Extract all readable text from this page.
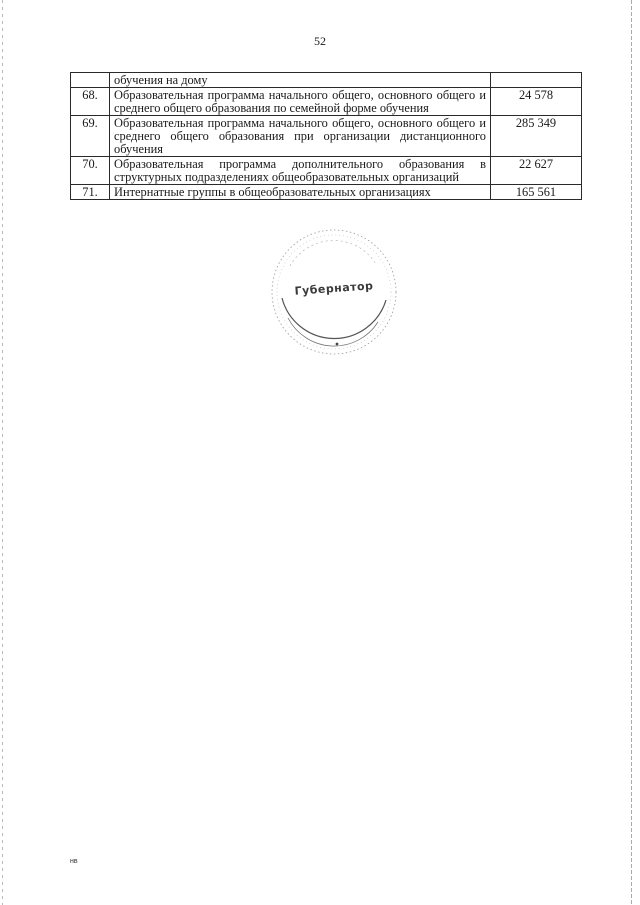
52
	обучения на дому	
68.	Образовательная программа начального общего, основного общего и среднего общего образования по семейной форме обучения	24 578
69.	Образовательная программа начального общего, основного общего и среднего общего образования при организации дистанционного обучения	285 349
70.	Образовательная программа дополнительного образования в структурных подразделениях общеобразовательных организаций	22 627
71.	Интернатные группы в общеобразовательных организациях	165 561
Губернатор
нв
